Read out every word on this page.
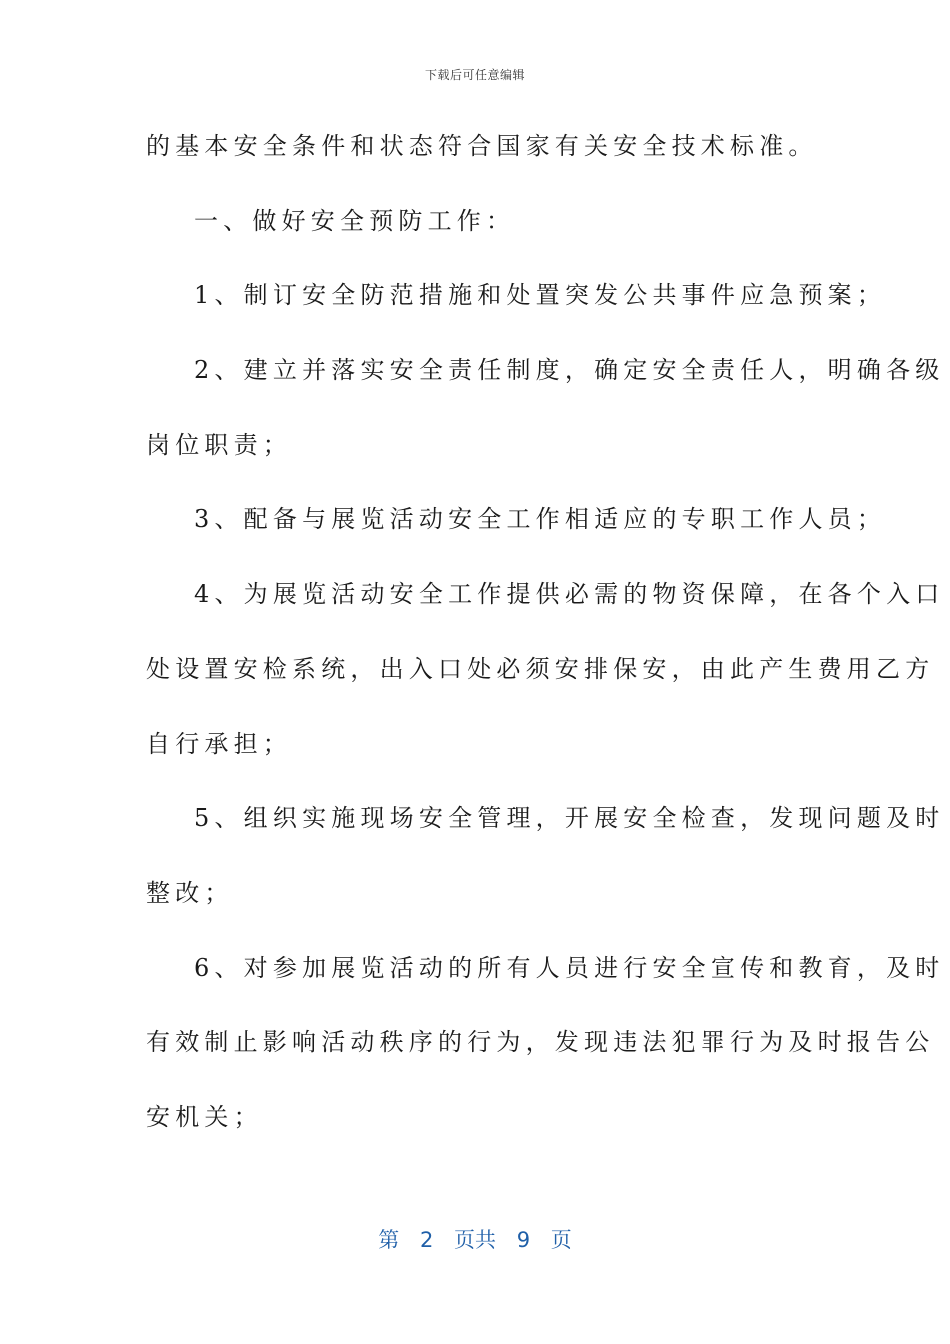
下载后可任意编辑
的基本安全条件和状态符合国家有关安全技术标准。
一、做好安全预防工作：
1、制订安全防范措施和处置突发公共事件应急预案；
2、建立并落实安全责任制度，确定安全责任人，明确各级
岗位职责；
3、配备与展览活动安全工作相适应的专职工作人员；
4、为展览活动安全工作提供必需的物资保障，在各个入口
处设置安检系统，出入口处必须安排保安，由此产生费用乙方
自行承担；
5、组织实施现场安全管理，开展安全检查，发现问题及时
整改；
6、对参加展览活动的所有人员进行安全宣传和教育，及时
有效制止影响活动秩序的行为，发现违法犯罪行为及时报告公
安机关；
第 2 页共 9 页
